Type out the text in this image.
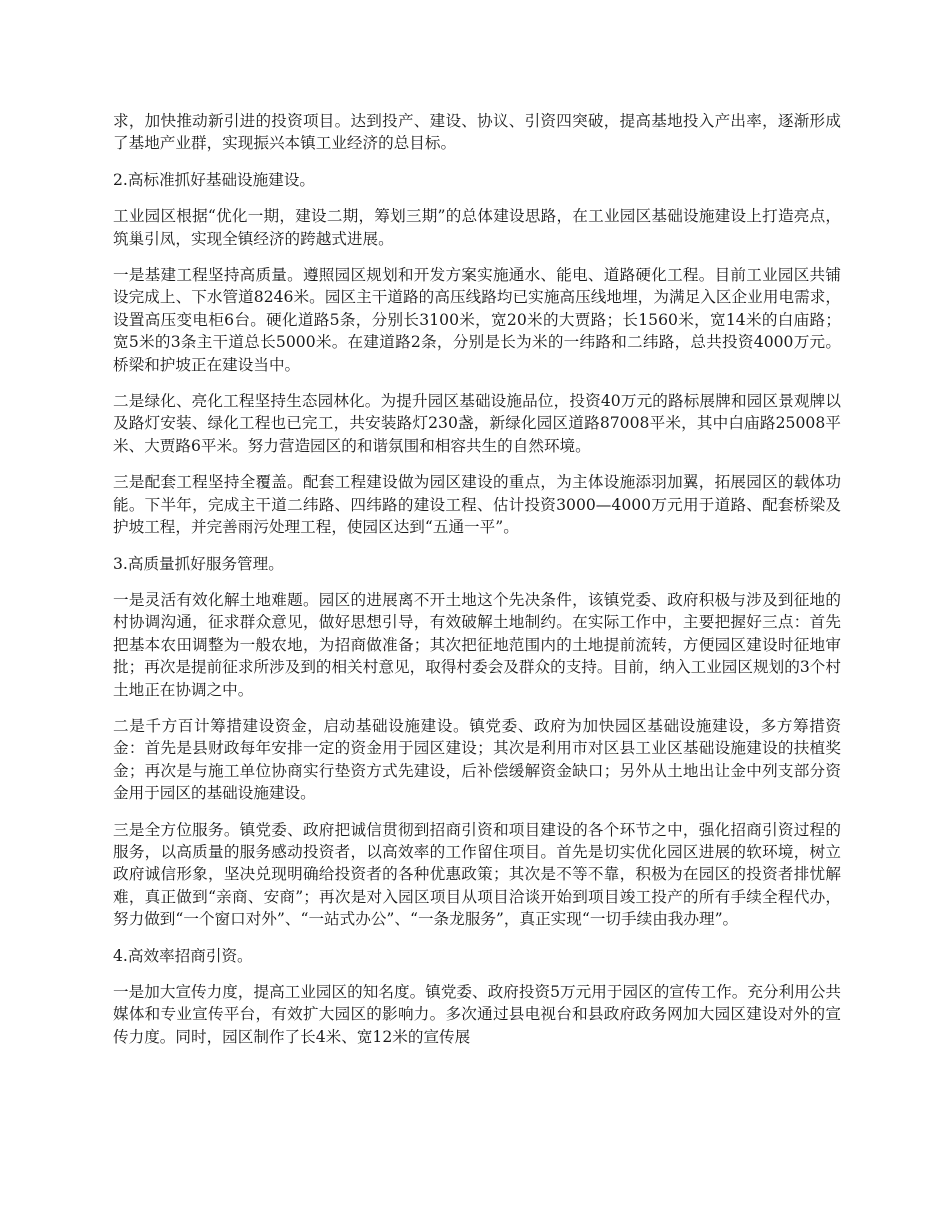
求，加快推动新引进的投资项目。达到投产、建设、协议、引资四突破，提高基地投入产出率，逐渐形成了基地产业群，实现振兴本镇工业经济的总目标。

2.高标准抓好基础设施建设。

工业园区根据“优化一期，建设二期，筹划三期”的总体建设思路，在工业园区基础设施建设上打造亮点，筑巢引凤，实现全镇经济的跨越式进展。

一是基建工程坚持高质量。遵照园区规划和开发方案实施通水、能电、道路硬化工程。目前工业园区共铺设完成上、下水管道8246米。园区主干道路的高压线路均已实施高压线地埋，为满足入区企业用电需求，设置高压变电柜6台。硬化道路5条，分别长3100米，宽20米的大贾路；长1560米，宽14米的白庙路；宽5米的3条主干道总长5000米。在建道路2条，分别是长为米的一纬路和二纬路，总共投资4000万元。桥梁和护坡正在建设当中。

二是绿化、亮化工程坚持生态园林化。为提升园区基础设施品位，投资40万元的路标展牌和园区景观牌以及路灯安装、绿化工程也已完工，共安装路灯230盏，新绿化园区道路87008平米，其中白庙路25008平米、大贾路6平米。努力营造园区的和谐氛围和相容共生的自然环境。

三是配套工程坚持全覆盖。配套工程建设做为园区建设的重点，为主体设施添羽加翼，拓展园区的载体功能。下半年，完成主干道二纬路、四纬路的建设工程、估计投资3000—4000万元用于道路、配套桥梁及护坡工程，并完善雨污处理工程，使园区达到“五通一平”。

3.高质量抓好服务管理。

一是灵活有效化解土地难题。园区的进展离不开土地这个先决条件，该镇党委、政府积极与涉及到征地的村协调沟通，征求群众意见，做好思想引导，有效破解土地制约。在实际工作中，主要把握好三点：首先把基本农田调整为一般农地，为招商做准备；其次把征地范围内的土地提前流转，方便园区建设时征地审批；再次是提前征求所涉及到的相关村意见，取得村委会及群众的支持。目前，纳入工业园区规划的3个村土地正在协调之中。

二是千方百计筹措建设资金，启动基础设施建设。镇党委、政府为加快园区基础设施建设，多方筹措资金：首先是县财政每年安排一定的资金用于园区建设；其次是利用市对区县工业区基础设施建设的扶植奖金；再次是与施工单位协商实行垫资方式先建设，后补偿缓解资金缺口；另外从土地出让金中列支部分资金用于园区的基础设施建设。

三是全方位服务。镇党委、政府把诚信贯彻到招商引资和项目建设的各个环节之中，强化招商引资过程的服务，以高质量的服务感动投资者，以高效率的工作留住项目。首先是切实优化园区进展的软环境，树立政府诚信形象，坚决兑现明确给投资者的各种优惠政策；其次是不等不靠，积极为在园区的投资者排忧解难，真正做到“亲商、安商”；再次是对入园区项目从项目洽谈开始到项目竣工投产的所有手续全程代办，努力做到“一个窗口对外”、“一站式办公”、“一条龙服务”，真正实现“一切手续由我办理”。

4.高效率招商引资。

一是加大宣传力度，提高工业园区的知名度。镇党委、政府投资5万元用于园区的宣传工作。充分利用公共媒体和专业宣传平台，有效扩大园区的影响力。多次通过县电视台和县政府政务网加大园区建设对外的宣传力度。同时，园区制作了长4米、宽12米的宣传展
